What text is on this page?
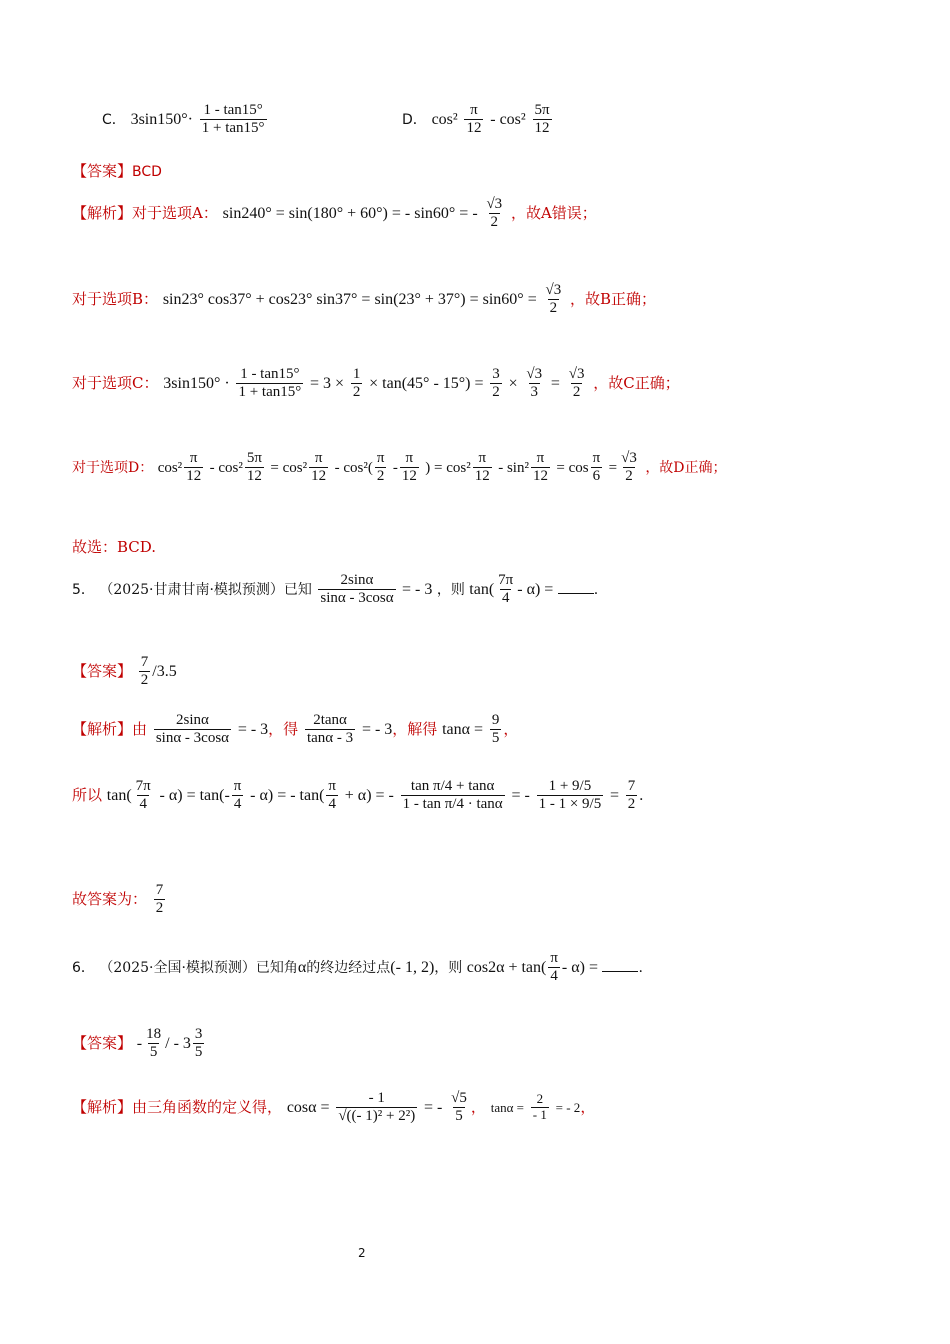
C． $3\sin 150^\circ\cdot \frac{1 - \tan 15^\circ}{1 + \tan 15^\circ}$	D． $\cos^2 \frac{\pi}{12} - \cos^2 \frac{5\pi}{12}$
【答案】BCD
【解析】对于选项A： sin240° = sin(180° + 60°) = - sin60° = - $\frac{√3}{2}$ ，故A错误；
对于选项B： sin23° cos37° + cos23° $\sin 37^\circ = \sin(23^\circ + 37^\circ) = \sin 60^\circ = \frac{√3}{2}$ ，故B正确；
对于选项C： $3\sin 150^\circ \cdot \frac{1 - \tan 15^\circ}{1 + \tan 15^\circ} = 3 \times \frac{1}{2} \times \tan(45^\circ - 15^\circ) = \frac{3}{2} \times \frac{√3}{3} = \frac{√3}{2}$ ，故C正确；
对于选项D： $\cos^2 \frac{\pi}{12} - \cos^2 \frac{5\pi}{12} = \cos^2 \frac{\pi}{12} - \cos^2( \frac{\pi}{2} - \frac{\pi}{12}$ ) = $\cos^2 \frac{\pi}{12} - \sin^2 \frac{\pi}{12} = \cos \frac{\pi}{6} = \frac{√3}{2}$ ，故D正确；
故选：BCD.
5． （2025·甘肃甘南·模拟预测）已知 $\frac{2\sin\alpha}{\sin\alpha - 3\cos\alpha}$ = - 3 ，则 $\tan( \frac{7\pi}{4} - \alpha)$ =	.
【答案】 $\frac{7}{2} /3.5$
【解析】由 $\frac{2\sin\alpha}{\sin\alpha - 3\cos\alpha}$ = - 3，得 $\frac{2\tan\alpha}{\tan\alpha - 3}$ = - 3，解得 $\tan\alpha = \frac{9}{5}$ ，
所以 $\tan( \frac{7\pi}{4} - \alpha) = \tan(- \frac{\pi}{4} - \alpha)$ = - $\tan( \frac{\pi}{4} + \alpha)$ = - $\frac{\text{tan π/4 + tanα}}{\text{1 - tan π/4 · tanα}}$ = - $\frac{1 + 9/5}{1 - 1 \times 9/5} = \frac{7}{2}$ .
故答案为： $\frac{7}{2}$
6． （2025·全国·模拟预测）已知角α的终边经过点(- 1, 2)，则 $\cos 2\alpha + \tan( \frac{\pi}{4} - \alpha)$ =	.
【答案】 - $\frac{18}{5}$ / - $3 \frac{3}{5}$
【解析】由三角函数的定义得， $\cos\alpha = \frac{- 1}{\text{√((- 1)² + 2²)}}$ = - $\frac{√5}{5}$ ， $\tan\alpha = \frac{2}{- 1}$ = - 2，
2
